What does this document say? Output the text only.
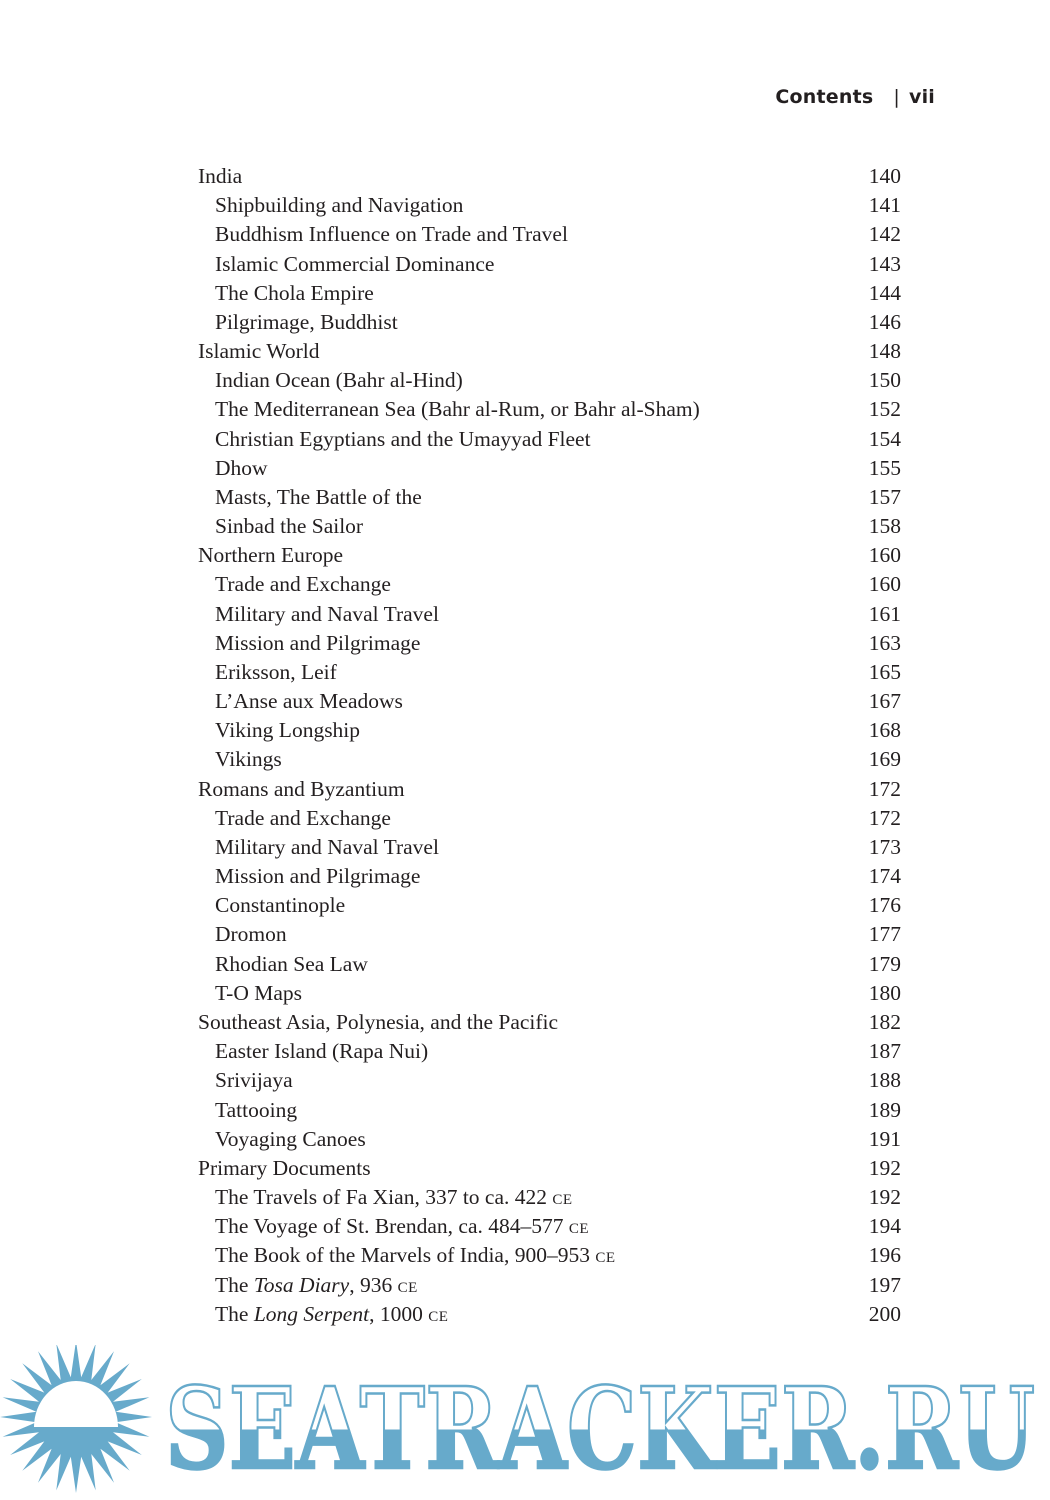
Contents | vii
India	140
Shipbuilding and Navigation	141
Buddhism Influence on Trade and Travel	142
Islamic Commercial Dominance	143
The Chola Empire	144
Pilgrimage, Buddhist	146
Islamic World	148
Indian Ocean (Bahr al-Hind)	150
The Mediterranean Sea (Bahr al-Rum, or Bahr al-Sham)	152
Christian Egyptians and the Umayyad Fleet	154
Dhow	155
Masts, The Battle of the	157
Sinbad the Sailor	158
Northern Europe	160
Trade and Exchange	160
Military and Naval Travel	161
Mission and Pilgrimage	163
Eriksson, Leif	165
L’Anse aux Meadows	167
Viking Longship	168
Vikings	169
Romans and Byzantium	172
Trade and Exchange	172
Military and Naval Travel	173
Mission and Pilgrimage	174
Constantinople	176
Dromon	177
Rhodian Sea Law	179
T-O Maps	180
Southeast Asia, Polynesia, and the Pacific	182
Easter Island (Rapa Nui)	187
Srivijaya	188
Tattooing	189
Voyaging Canoes	191
Primary Documents	192
The Travels of Fa Xian, 337 to ca. 422 CE	192
The Voyage of St. Brendan, ca. 484–577 CE	194
The Book of the Marvels of India, 900–953 CE	196
The Tosa Diary, 936 CE	197
The Long Serpent, 1000 CE	200
SEATRACKER.RU
